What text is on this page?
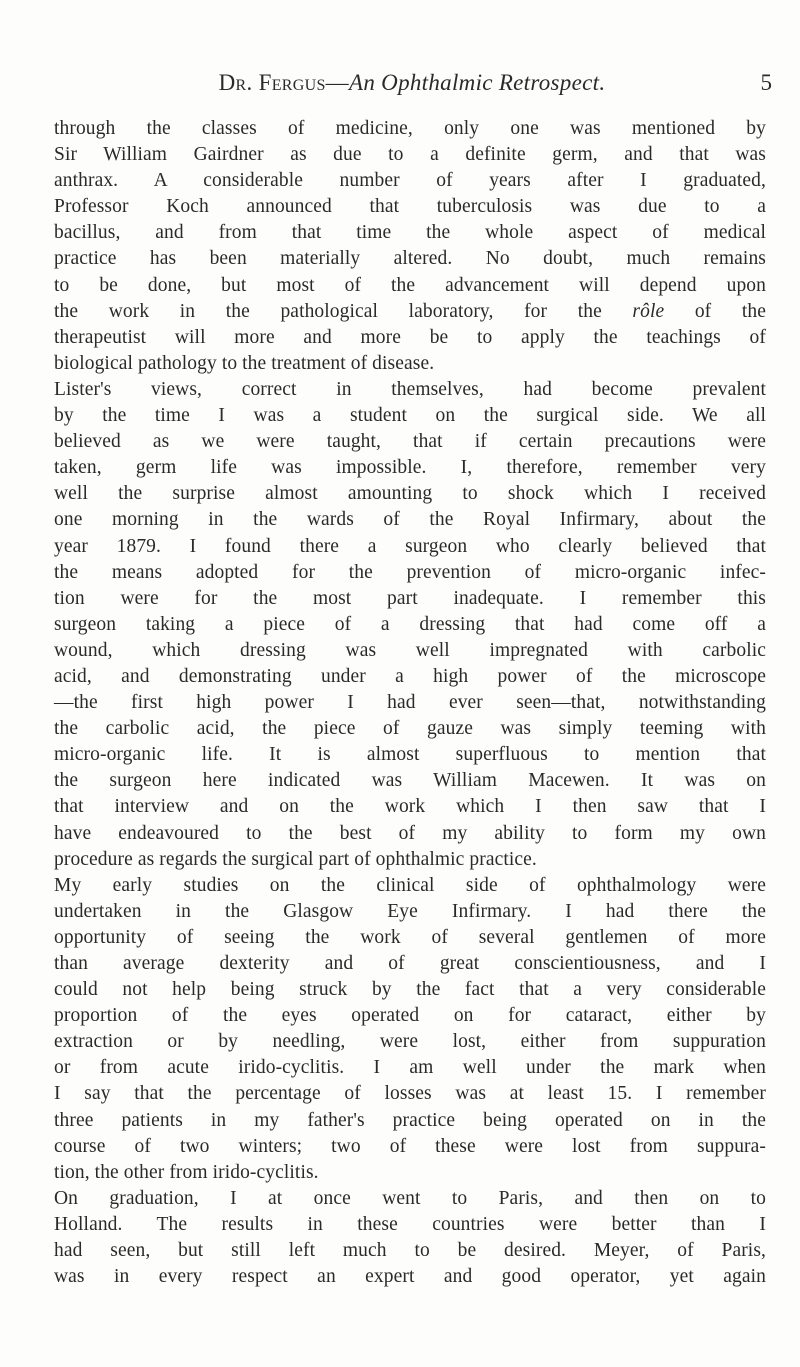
Dr. Fergus—An Ophthalmic Retrospect.	5
through the classes of medicine, only one was mentioned by
Sir William Gairdner as due to a definite germ, and that was
anthrax. A considerable number of years after I graduated,
Professor Koch announced that tuberculosis was due to a
bacillus, and from that time the whole aspect of medical
practice has been materially altered. No doubt, much remains
to be done, but most of the advancement will depend upon
the work in the pathological laboratory, for the rôle of the
therapeutist will more and more be to apply the teachings of
biological pathology to the treatment of disease.
Lister's views, correct in themselves, had become prevalent
by the time I was a student on the surgical side. We all
believed as we were taught, that if certain precautions were
taken, germ life was impossible. I, therefore, remember very
well the surprise almost amounting to shock which I received
one morning in the wards of the Royal Infirmary, about the
year 1879. I found there a surgeon who clearly believed that
the means adopted for the prevention of micro-organic infec-
tion were for the most part inadequate. I remember this
surgeon taking a piece of a dressing that had come off a
wound, which dressing was well impregnated with carbolic
acid, and demonstrating under a high power of the microscope
—the first high power I had ever seen—that, notwithstanding
the carbolic acid, the piece of gauze was simply teeming with
micro-organic life. It is almost superfluous to mention that
the surgeon here indicated was William Macewen. It was on
that interview and on the work which I then saw that I
have endeavoured to the best of my ability to form my own
procedure as regards the surgical part of ophthalmic practice.
My early studies on the clinical side of ophthalmology were
undertaken in the Glasgow Eye Infirmary. I had there the
opportunity of seeing the work of several gentlemen of more
than average dexterity and of great conscientiousness, and I
could not help being struck by the fact that a very considerable
proportion of the eyes operated on for cataract, either by
extraction or by needling, were lost, either from suppuration
or from acute irido-cyclitis. I am well under the mark when
I say that the percentage of losses was at least 15. I remember
three patients in my father's practice being operated on in the
course of two winters; two of these were lost from suppura-
tion, the other from irido-cyclitis.
On graduation, I at once went to Paris, and then on to
Holland. The results in these countries were better than I
had seen, but still left much to be desired. Meyer, of Paris,
was in every respect an expert and good operator, yet again
